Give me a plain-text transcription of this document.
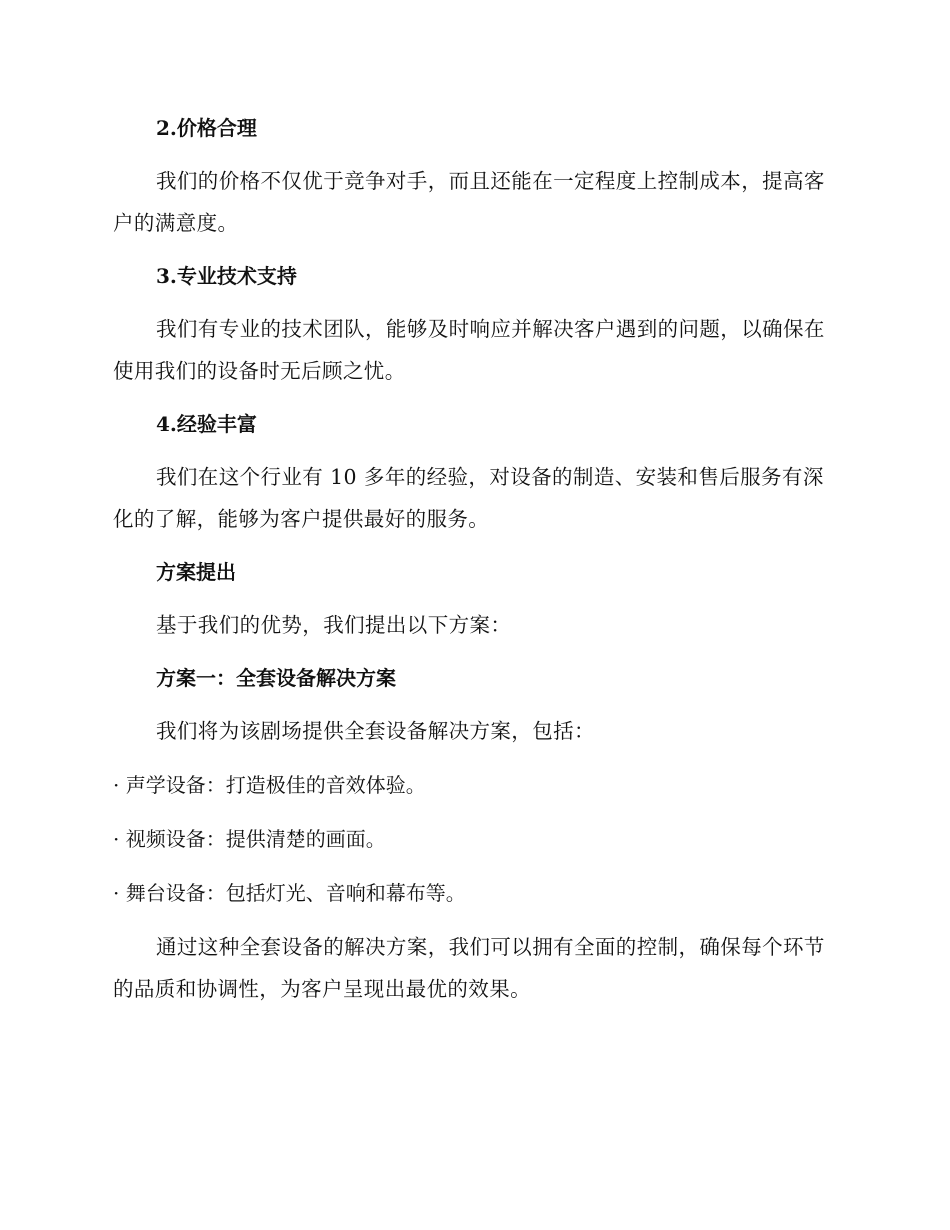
2.价格合理
我们的价格不仅优于竞争对手，而且还能在一定程度上控制成本，提高客户的满意度。
3.专业技术支持
我们有专业的技术团队，能够及时响应并解决客户遇到的问题，以确保在使用我们的设备时无后顾之忧。
4.经验丰富
我们在这个行业有 10 多年的经验，对设备的制造、安装和售后服务有深化的了解，能够为客户提供最好的服务。
方案提出
基于我们的优势，我们提出以下方案：
方案一：全套设备解决方案
我们将为该剧场提供全套设备解决方案，包括：
· 声学设备：打造极佳的音效体验。
· 视频设备：提供清楚的画面。
· 舞台设备：包括灯光、音响和幕布等。
通过这种全套设备的解决方案，我们可以拥有全面的控制，确保每个环节的品质和协调性，为客户呈现出最优的效果。
